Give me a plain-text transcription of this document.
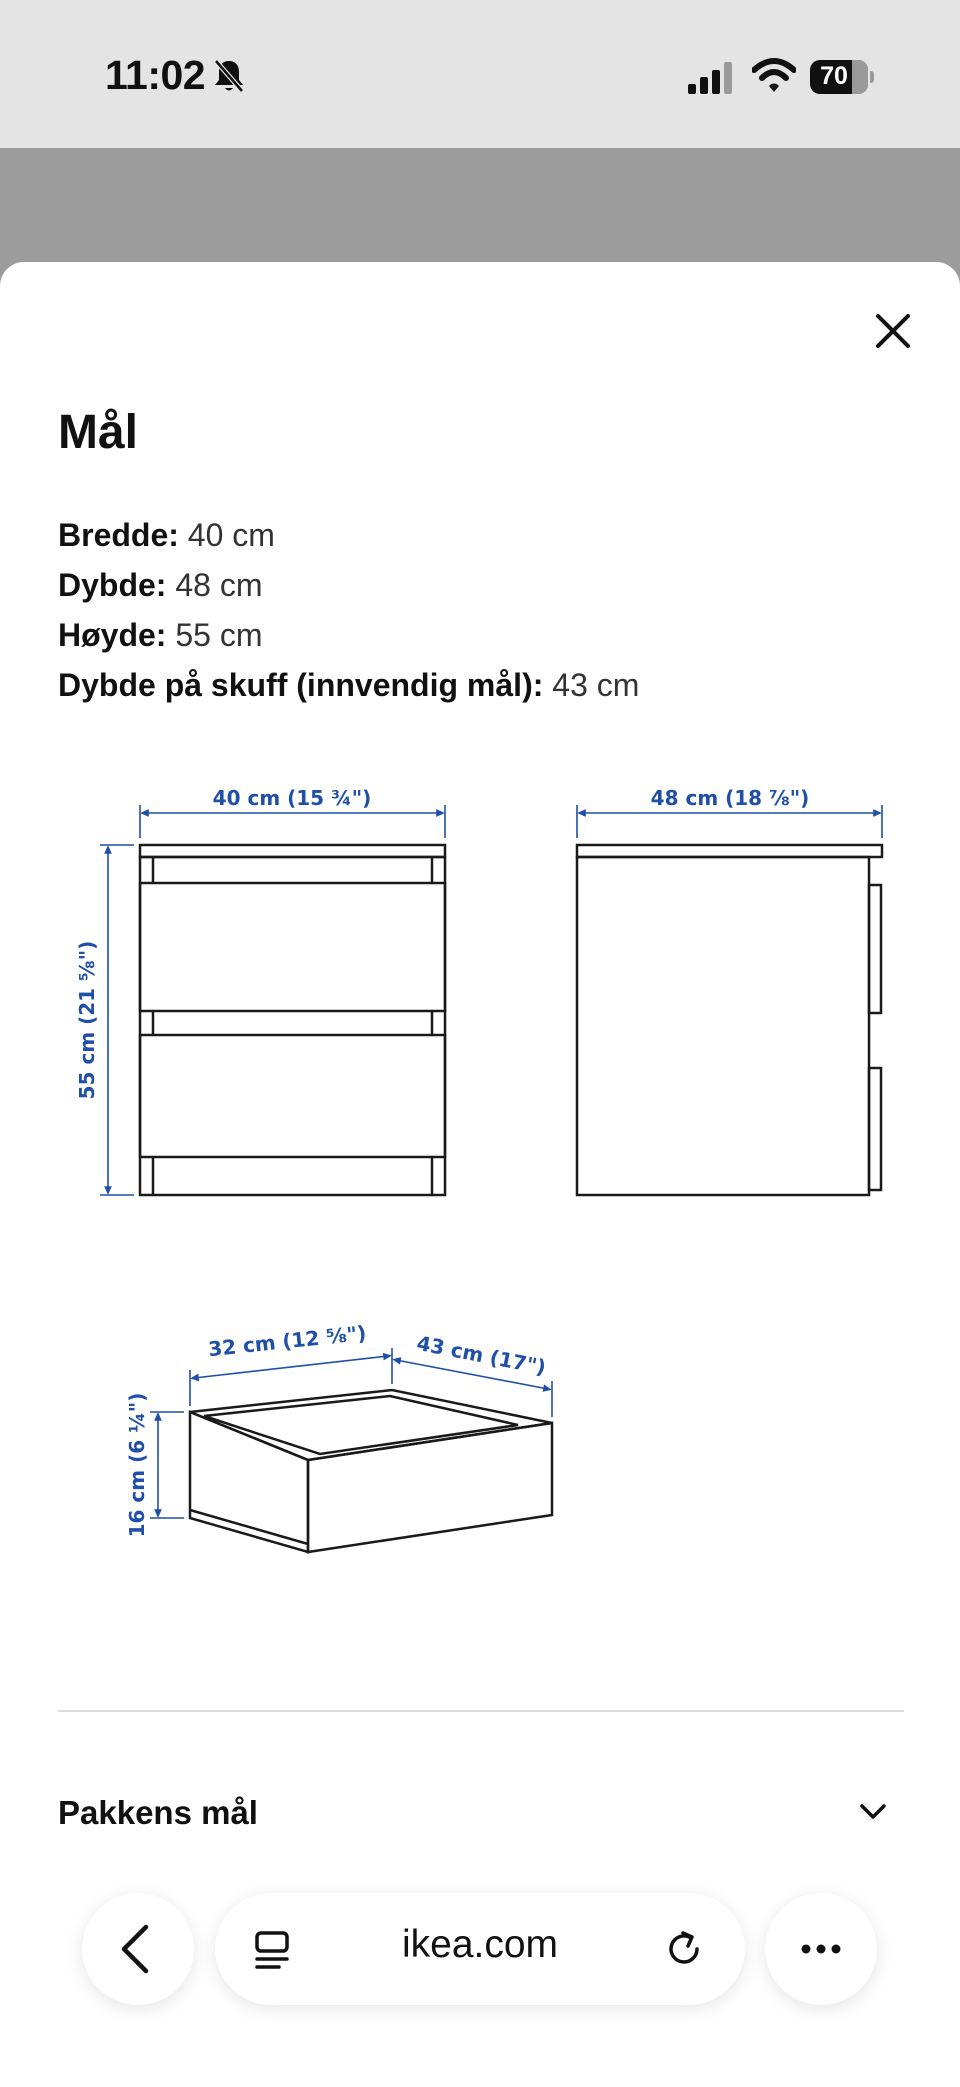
11:02	70
Mål
Bredde: 40 cm
Dybde: 48 cm
Høyde: 55 cm
Dybde på skuff (innvendig mål): 43 cm
40 cm (15 ¾")	48 cm (18 ⅞")
55 cm (21 ⅝")
32 cm (12 ⅝") 43 cm (17")
16 cm (6 ¼")
Pakkens mål
ikea.com
